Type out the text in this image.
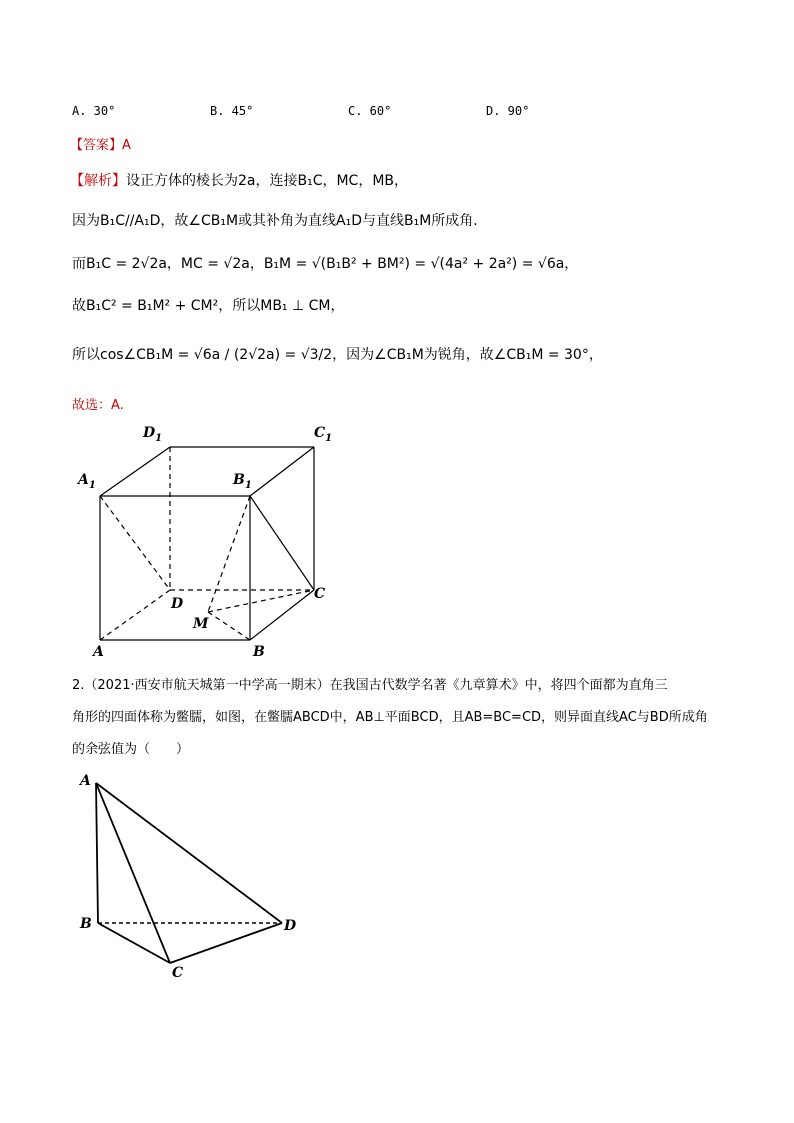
A. 30°	B. 45°	C. 60°	D. 90°
【答案】A
【解析】设正方体的棱长为2a，连接B₁C，MC，MB，
因为B₁C//A₁D，故∠CB₁M或其补角为直线A₁D与直线B₁M所成角.
而B₁C = 2√2a，MC = √2a，B₁M = √(B₁B² + BM²) = √(4a² + 2a²) = √6a，
故B₁C² = B₁M² + CM²，所以MB₁ ⊥ CM，
所以cos∠CB₁M = √6a / (2√2a) = √3/2，因为∠CB₁M为锐角，故∠CB₁M = 30°，
故选：A.
$D_1$	$C_1$
$A_1$	$B_1$
D
C
M
A	B
A
B
C
D
2.（2021·西安市航天城第一中学高一期末）在我国古代数学名著《九章算术》中，将四个面都为直角三
角形的四面体称为鳖臑，如图，在鳖臑ABCD中，AB⊥平面BCD，且AB=BC=CD，则异面直线AC与BD所成角
的余弦值为（　　）
